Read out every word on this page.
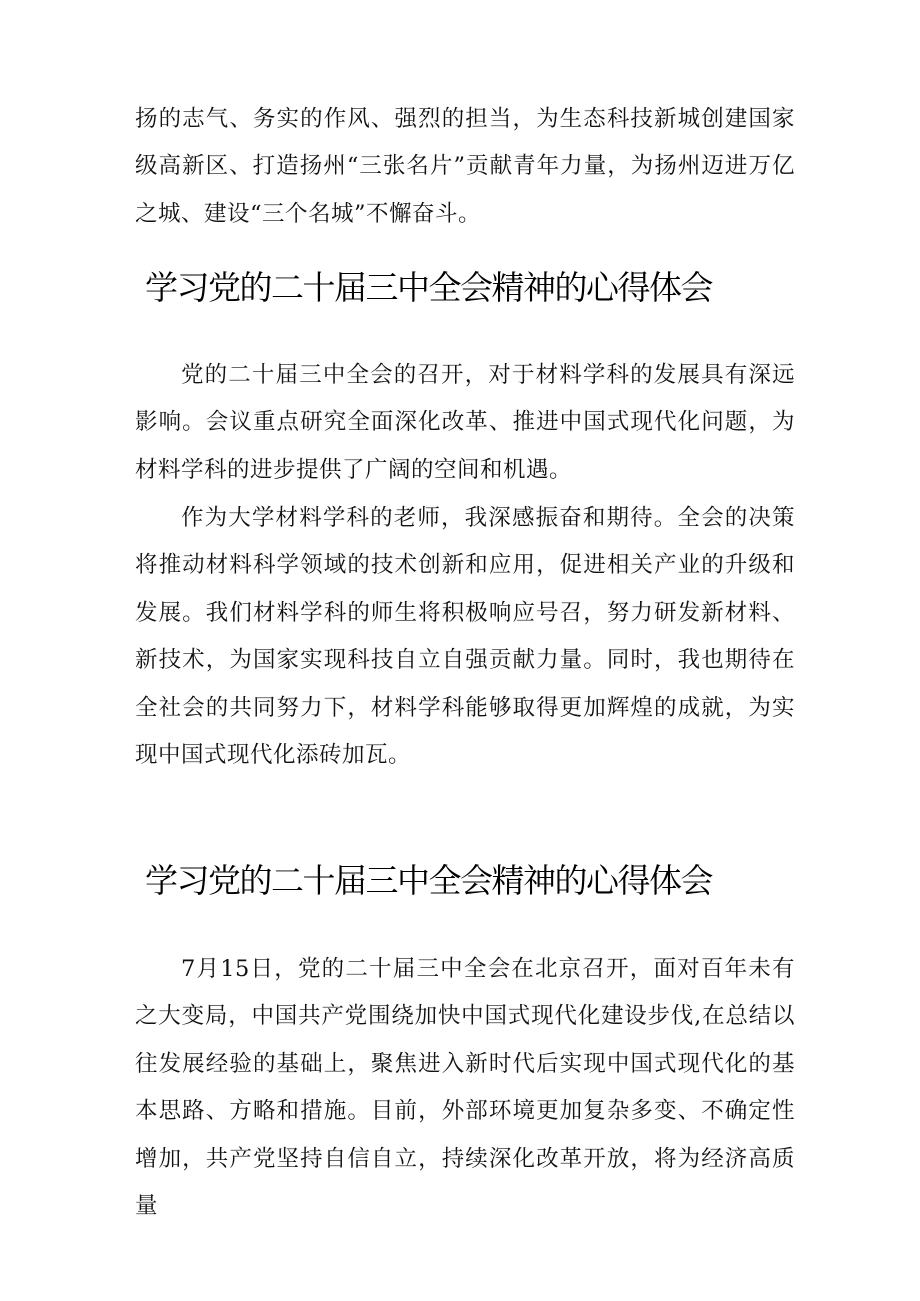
扬的志气、务实的作风、强烈的担当，为生态科技新城创建国家级高新区、打造扬州“三张名片”贡献青年力量，为扬州迈进万亿之城、建设“三个名城”不懈奋斗。

学习党的二十届三中全会精神的心得体会

党的二十届三中全会的召开，对于材料学科的发展具有深远影响。会议重点研究全面深化改革、推进中国式现代化问题，为材料学科的进步提供了广阔的空间和机遇。

作为大学材料学科的老师，我深感振奋和期待。全会的决策将推动材料科学领域的技术创新和应用，促进相关产业的升级和发展。我们材料学科的师生将积极响应号召，努力研发新材料、新技术，为国家实现科技自立自强贡献力量。同时，我也期待在全社会的共同努力下，材料学科能够取得更加辉煌的成就，为实现中国式现代化添砖加瓦。

学习党的二十届三中全会精神的心得体会

7月15日，党的二十届三中全会在北京召开，面对百年未有之大变局，中国共产党围绕加快中国式现代化建设步伐,在总结以往发展经验的基础上，聚焦进入新时代后实现中国式现代化的基本思路、方略和措施。目前，外部环境更加复杂多变、不确定性增加，共产党坚持自信自立，持续深化改革开放，将为经济高质量
